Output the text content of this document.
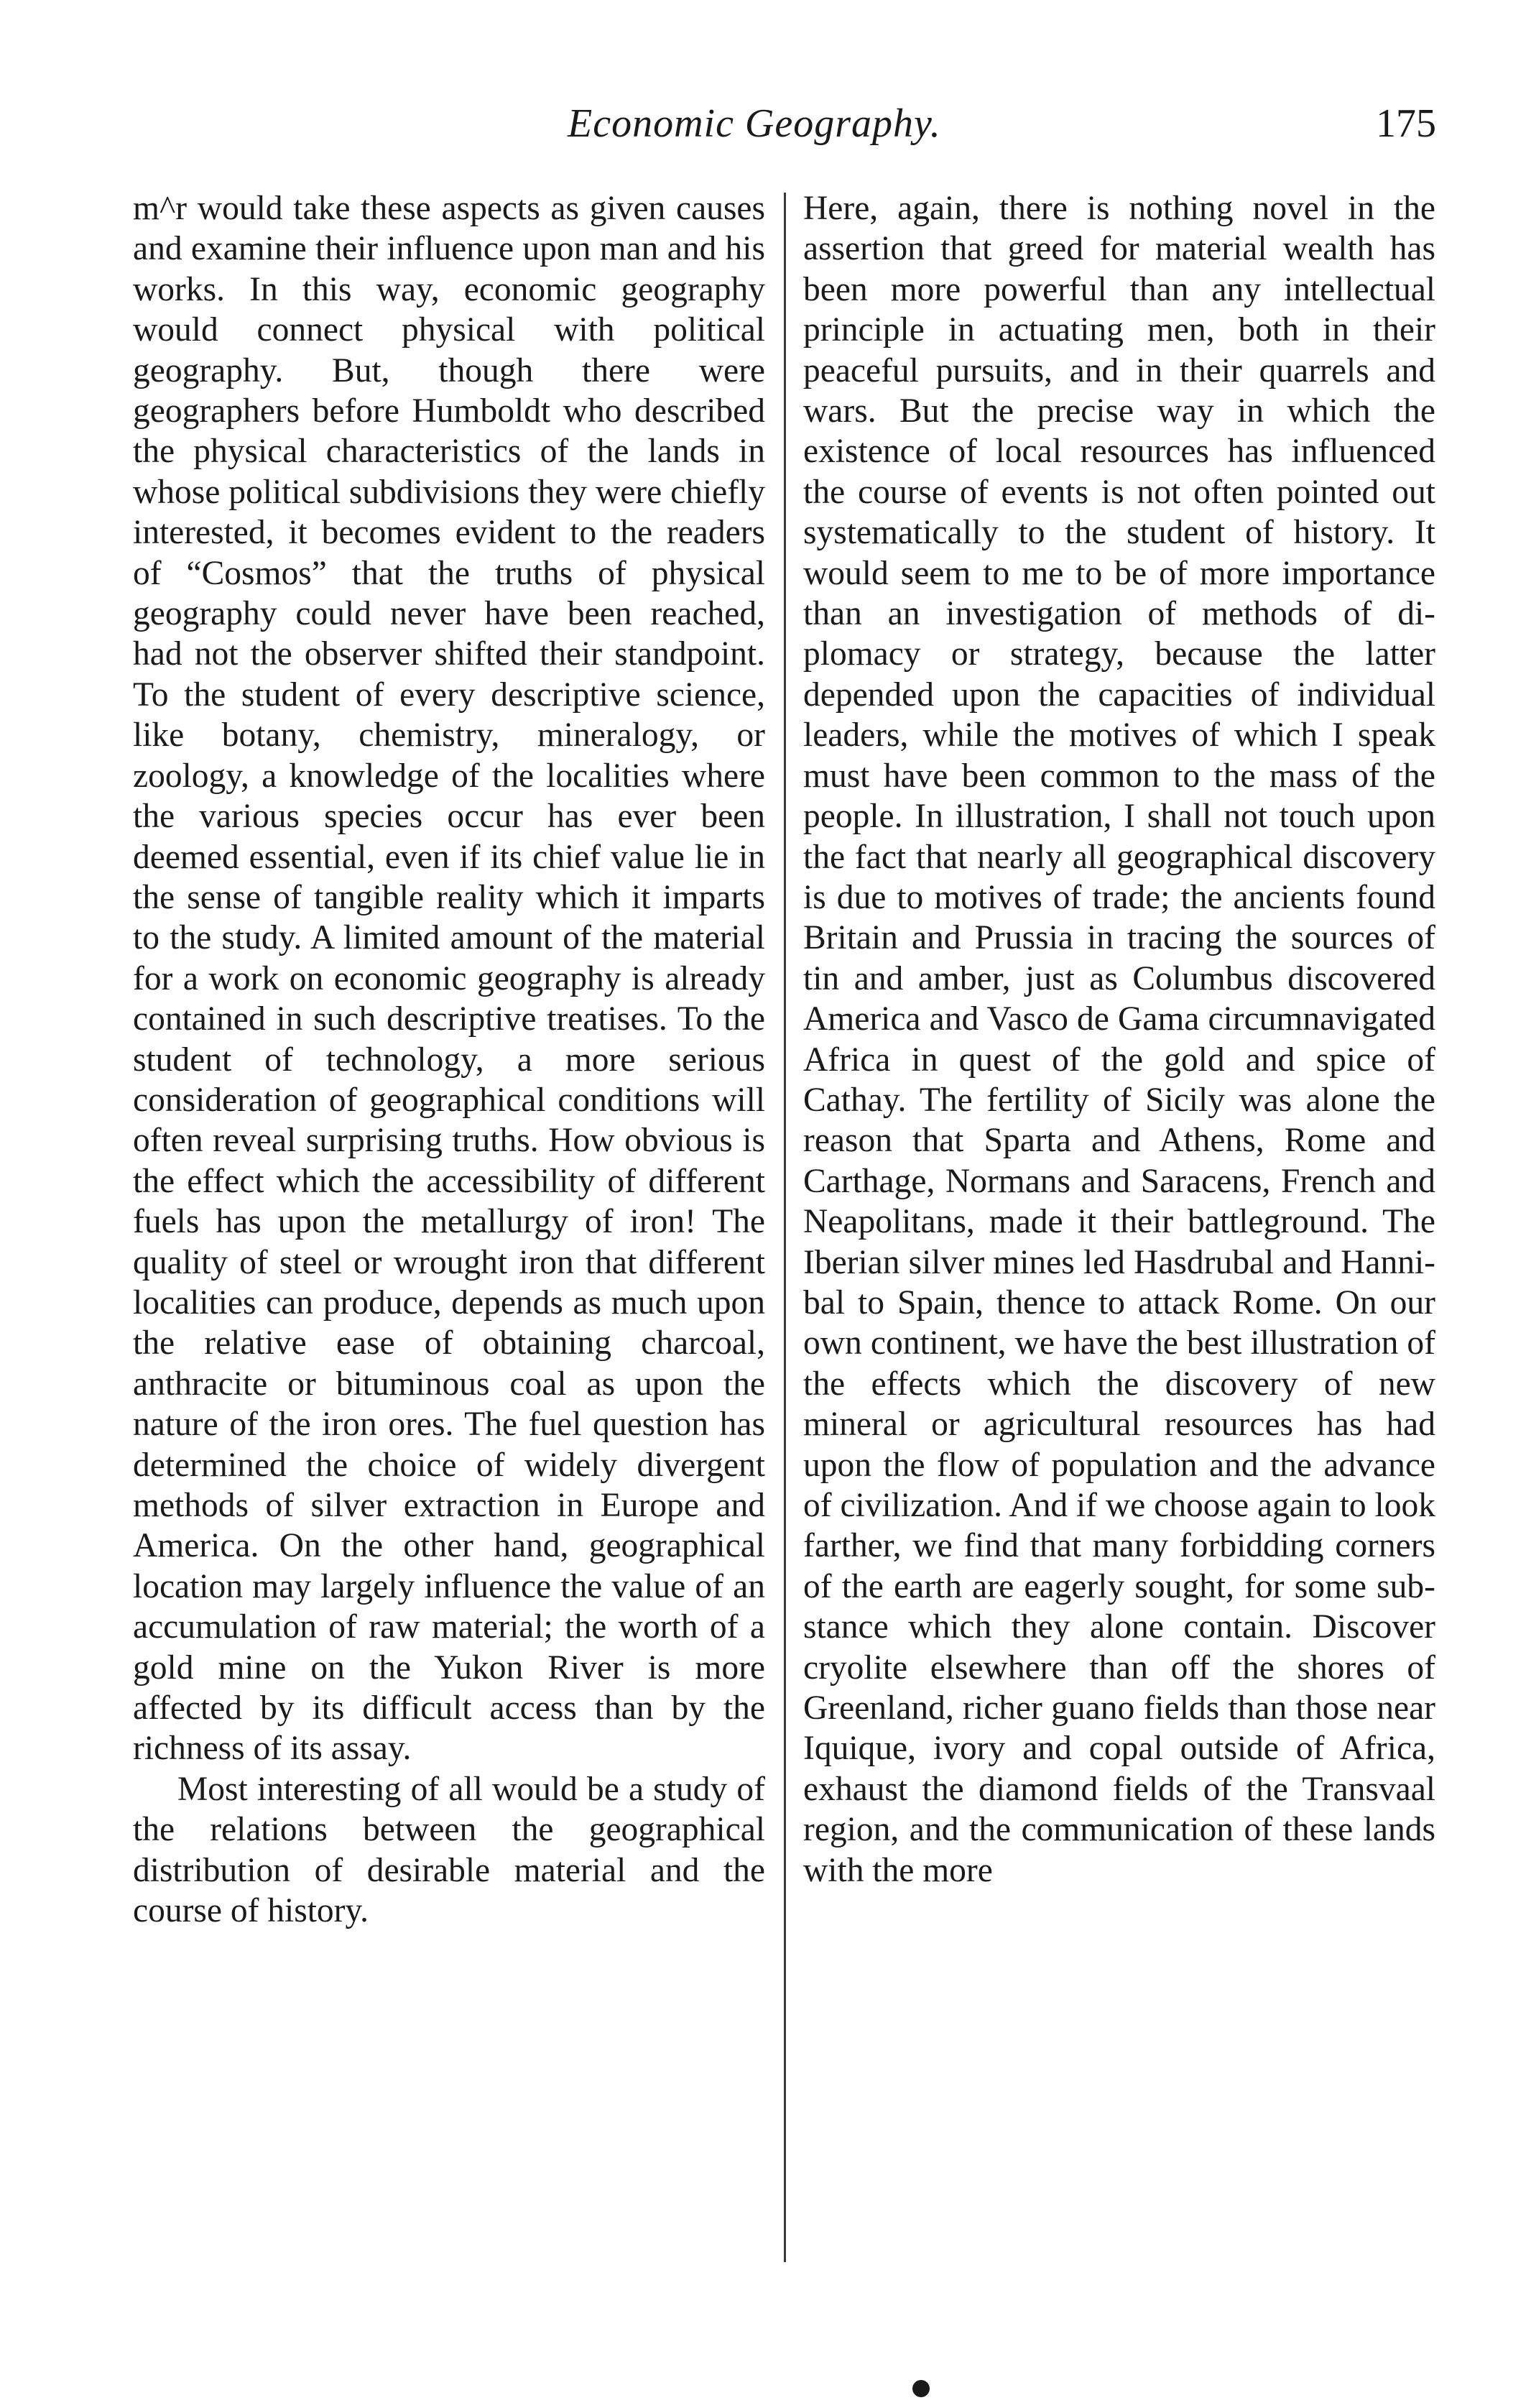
Economic Geography.	175

m^r would take these aspects as given causes and examine their influence upon man and his works. In this way, economic geography would connect physical with political geography. But, though there were geographers before Humboldt who described the physical characteristics of the lands in whose political subdivisions they were chiefly interested, it becomes evident to the readers of “Cosmos” that the truths of physical geography could never have been reached, had not the observer shifted their standpoint. To the student of every descriptive science, like botany, chemistry, mineralogy, or zoology, a knowledge of the localities where the various species occur has ever been deemed essential, even if its chief value lie in the sense of tangible reality which it imparts to the study. A limited amount of the material for a work on economic geography is already contained in such descriptive treatises. To the student of technology, a more serious consideration of geographical conditions will often reveal surprising truths. How obvious is the effect which the accessibility of different fuels has upon the metallurgy of iron! The quality of steel or wrought iron that different localities can produce, depends as much upon the relative ease of obtaining charcoal, anthracite or bituminous coal as upon the nature of the iron ores. The fuel question has determined the choice of widely divergent methods of silver extraction in Europe and America. On the other hand, geographical location may largely influence the value of an accumulation of raw material; the worth of a gold mine on the Yukon River is more affected by its difficult access than by the richness of its assay.

Most interesting of all would be a study of the relations between the geographical distribution of desirable material and the course of history.

Here, again, there is nothing novel in the assertion that greed for material wealth has been more powerful than any intellectual principle in actuating men, both in their peaceful pursuits, and in their quarrels and wars. But the precise way in which the existence of local resources has influenced the course of events is not often pointed out systematically to the student of history. It would seem to me to be of more importance than an investigation of methods of diplomacy or strategy, because the latter depended upon the capacities of individual leaders, while the motives of which I speak must have been common to the mass of the people. In illustration, I shall not touch upon the fact that nearly all geographical discovery is due to motives of trade; the ancients found Britain and Prussia in tracing the sources of tin and amber, just as Columbus discovered America and Vasco de Gama circumnavigated Africa in quest of the gold and spice of Cathay. The fertility of Sicily was alone the reason that Sparta and Athens, Rome and Carthage, Normans and Saracens, French and Neapolitans, made it their battleground. The Iberian silver mines led Hasdrubal and Hannibal to Spain, thence to attack Rome. On our own continent, we have the best illustration of the effects which the discovery of new mineral or agricultural resources has had upon the flow of population and the advance of civilization. And if we choose again to look farther, we find that many forbidding corners of the earth are eagerly sought, for some substance which they alone contain. Discover cryolite elsewhere than off the shores of Greenland, richer guano fields than those near Iquique, ivory and copal outside of Africa, exhaust the diamond fields of the Transvaal region, and the communication of these lands with the more
